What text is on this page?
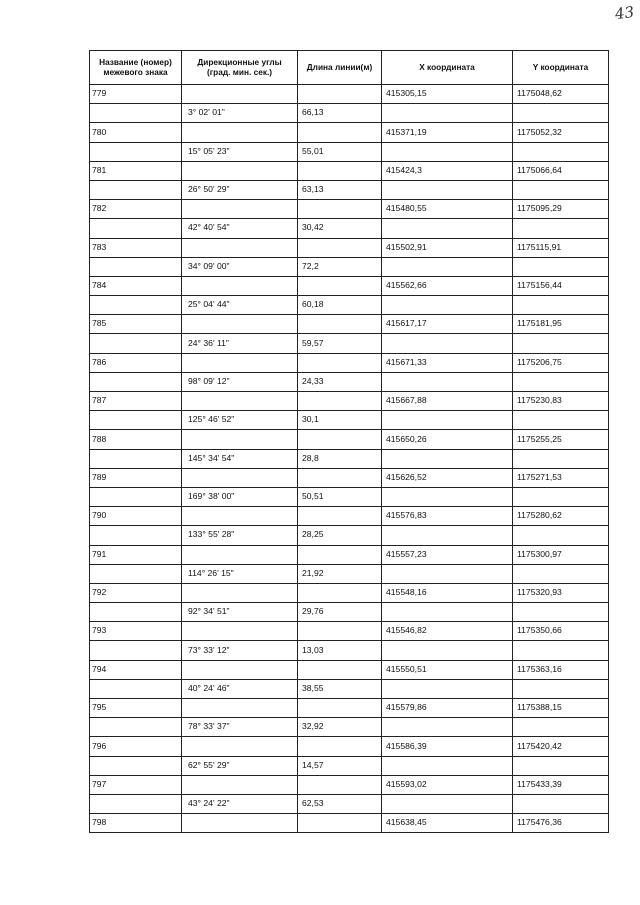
43
Название (номер) межевого знака	Дирекционные углы (град. мин. сек.)	Длина линии(м)	X координата	Y координата
779			415305,15	1175048,62
	3° 02' 01"	66,13		
780			415371,19	1175052,32
	15° 05' 23"	55,01		
781			415424,3	1175066,64
	26° 50' 29"	63,13		
782			415480,55	1175095,29
	42° 40' 54"	30,42		
783			415502,91	1175115,91
	34° 09' 00"	72,2		
784			415562,66	1175156,44
	25° 04' 44"	60,18		
785			415617,17	1175181,95
	24° 36' 11"	59,57		
786			415671,33	1175206,75
	98° 09' 12"	24,33		
787			415667,88	1175230,83
	125° 46' 52"	30,1		
788			415650,26	1175255,25
	145° 34' 54"	28,8		
789			415626,52	1175271,53
	169° 38' 00"	50,51		
790			415576,83	1175280,62
	133° 55' 28"	28,25		
791			415557,23	1175300,97
	114° 26' 15"	21,92		
792			415548,16	1175320,93
	92° 34' 51"	29,76		
793			415546,82	1175350,66
	73° 33' 12"	13,03		
794			415550,51	1175363,16
	40° 24' 46"	38,55		
795			415579,86	1175388,15
	78° 33' 37"	32,92		
796			415586,39	1175420,42
	62° 55' 29"	14,57		
797			415593,02	1175433,39
	43° 24' 22"	62,53		
798			415638,45	1175476,36
